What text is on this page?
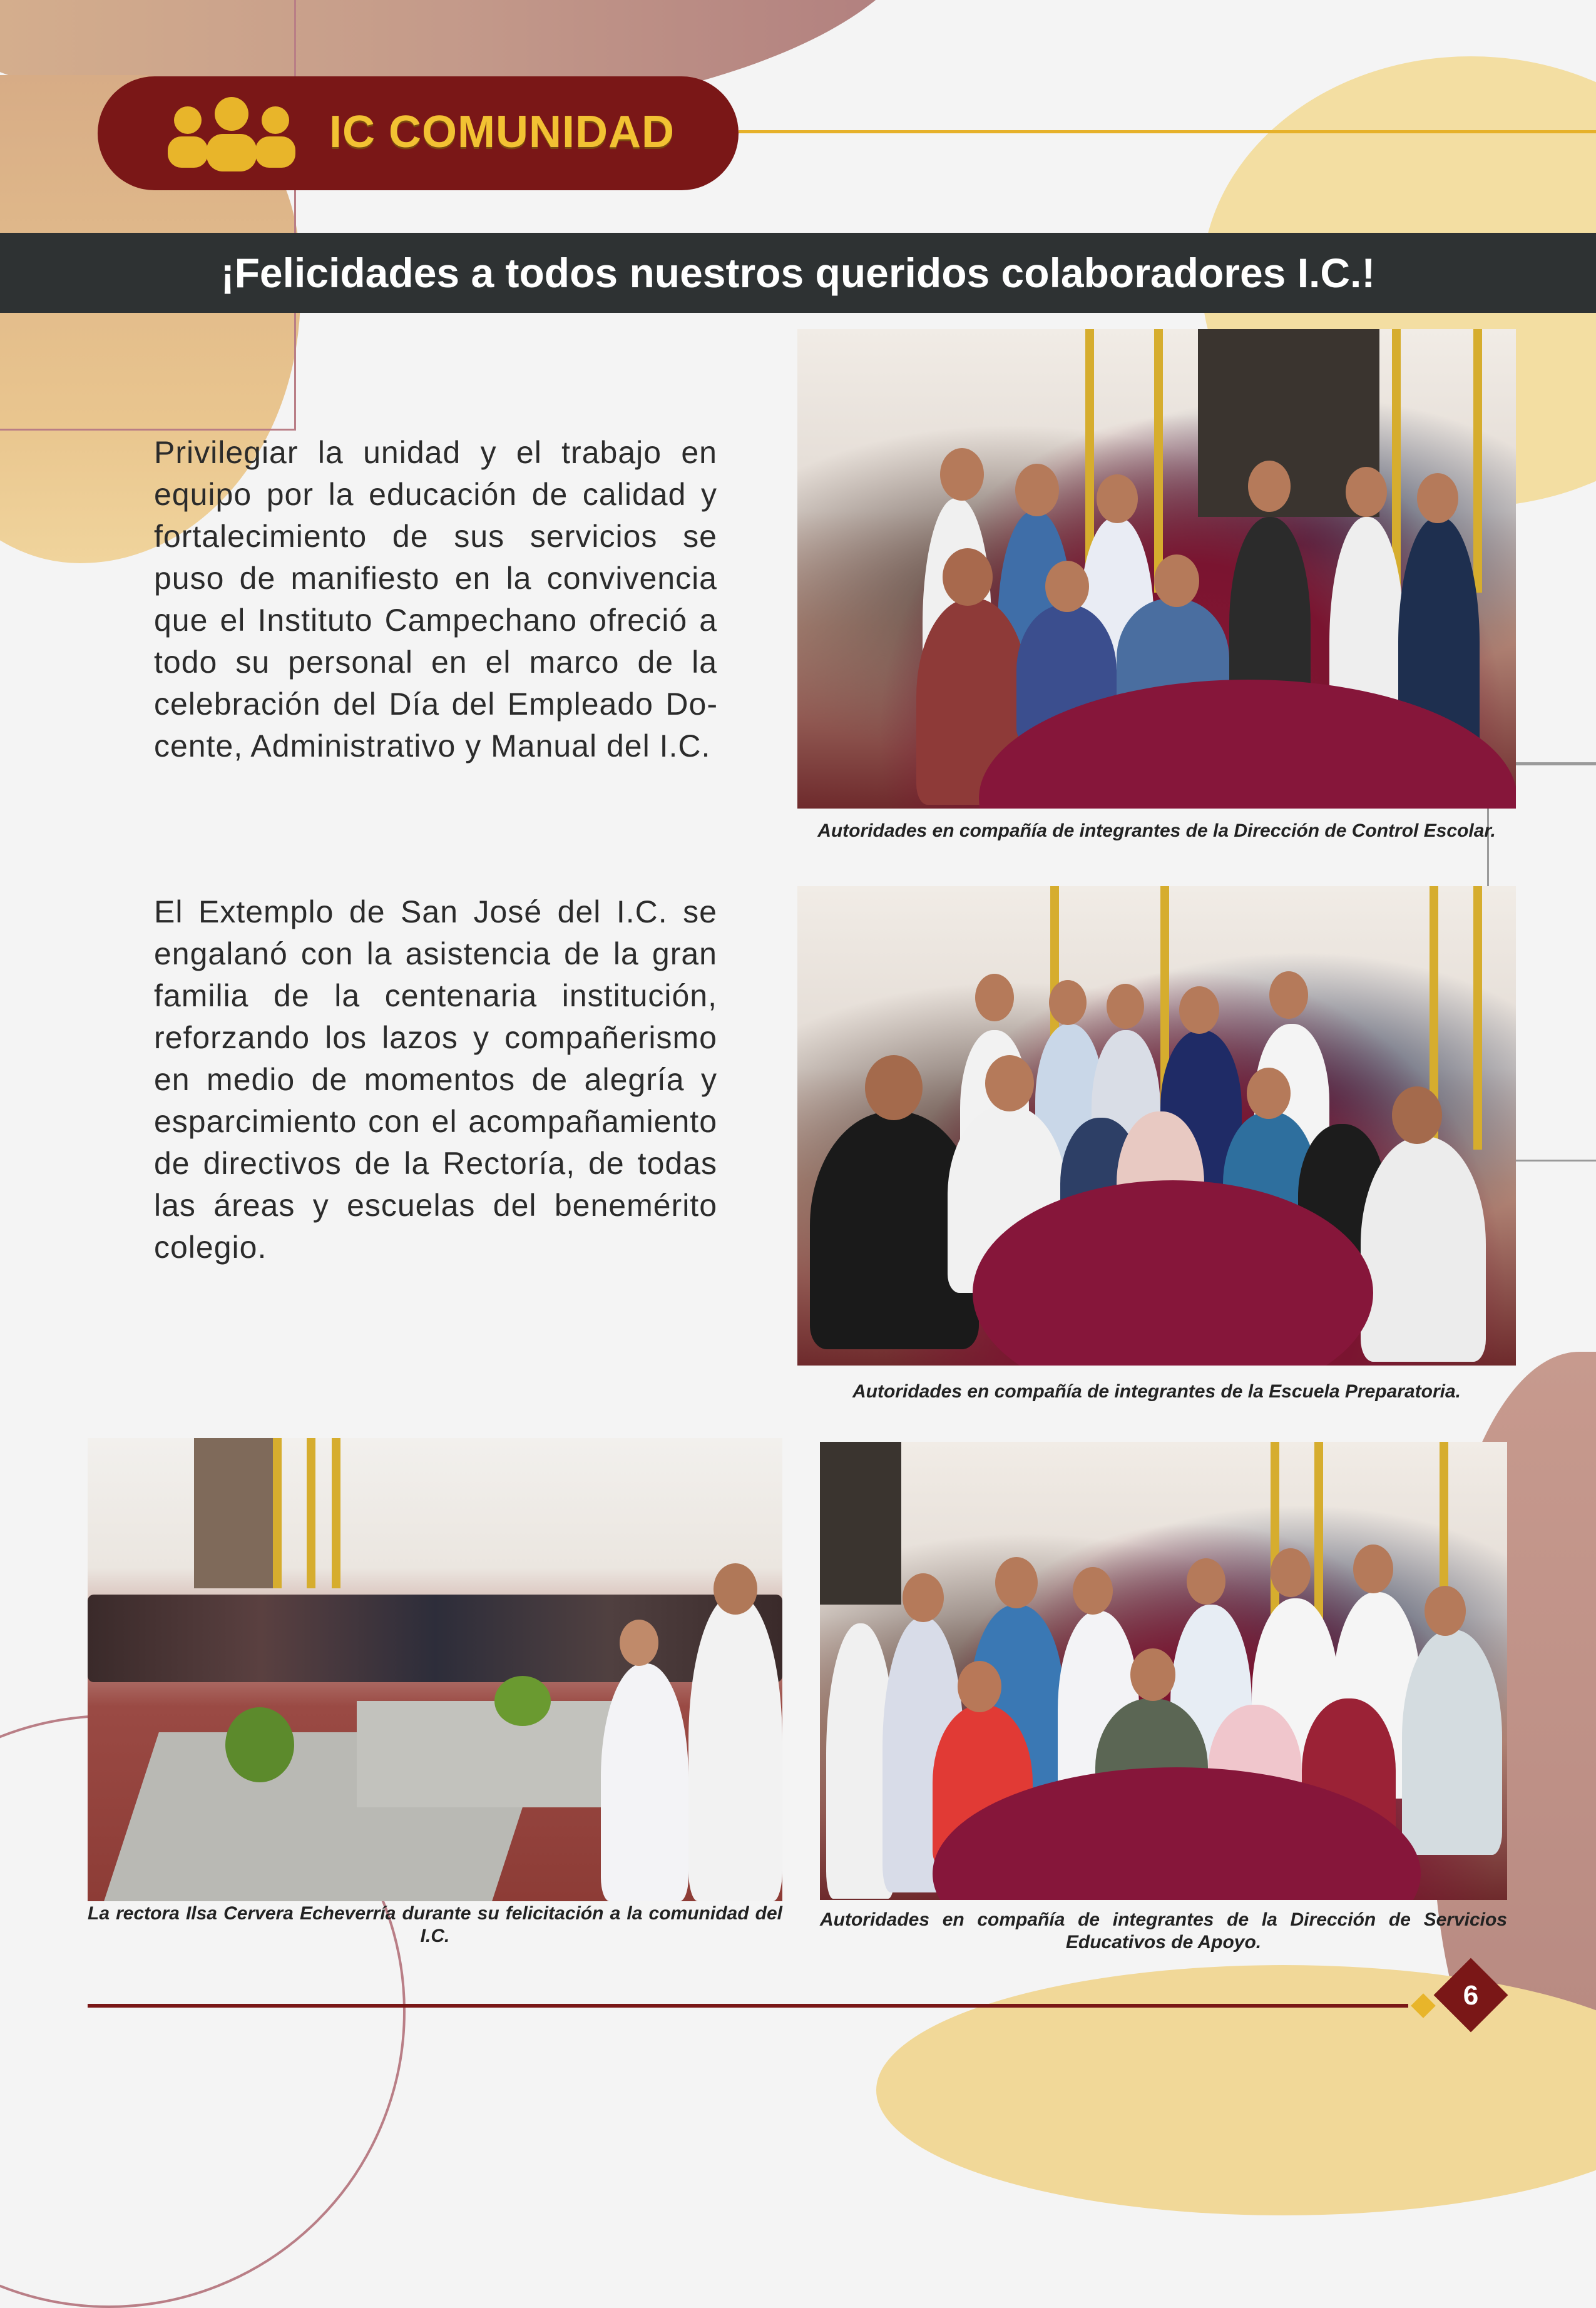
IC COMUNIDAD
¡Felicidades a todos nuestros queridos colaboradores I.C.!

Privilegiar la unidad y el trabajo en equipo por la educación de calidad y fortalecimiento de sus servicios se puso de manifiesto en la convivencia que el Instituto Campechano ofreció a todo su personal en el marco de la celebración del Día del Empleado Docente, Administrativo y Manual del I.C.

El Extemplo de San José del I.C. se engalanó con la asistencia de la gran familia de la centenaria institución, reforzando los lazos y compañerismo en medio de momentos de alegría y esparcimiento con el acompañamiento de directivos de la Rectoría, de todas las áreas y escuelas del benemérito colegio.

Autoridades en compañía de integrantes de la Dirección de Control Escolar.
Autoridades en compañía de integrantes de la Escuela Preparatoria.
La rectora Ilsa Cervera Echeverría durante su felicitación a la comunidad del I.C.
Autoridades en compañía de integrantes de la Dirección de Servicios Educativos de Apoyo.
6
